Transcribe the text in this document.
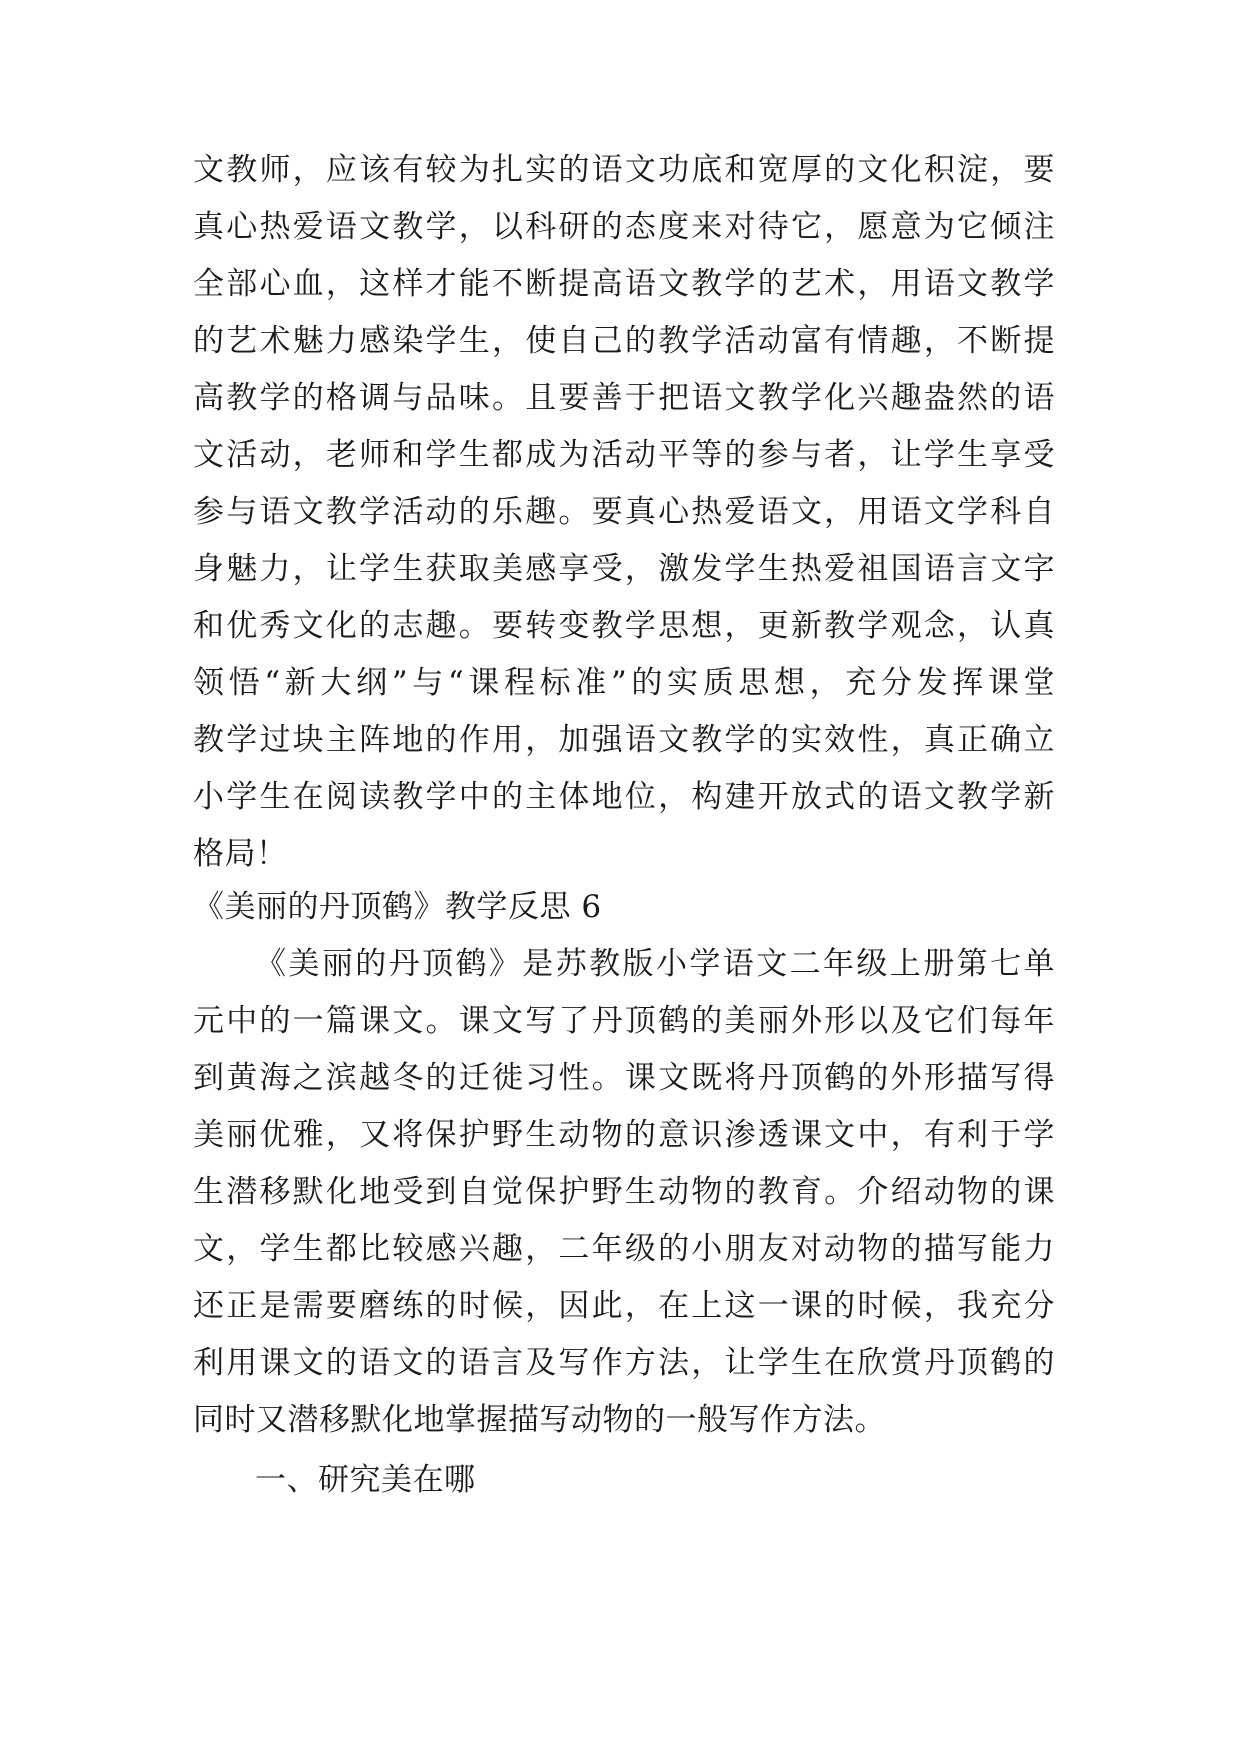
文教师，应该有较为扎实的语文功底和宽厚的文化积淀，要
真心热爱语文教学，以科研的态度来对待它，愿意为它倾注
全部心血，这样才能不断提高语文教学的艺术，用语文教学
的艺术魅力感染学生，使自己的教学活动富有情趣，不断提
高教学的格调与品味。且要善于把语文教学化兴趣盎然的语
文活动，老师和学生都成为活动平等的参与者，让学生享受
参与语文教学活动的乐趣。要真心热爱语文，用语文学科自
身魅力，让学生获取美感享受，激发学生热爱祖国语言文字
和优秀文化的志趣。要转变教学思想，更新教学观念，认真
领悟“新大纲”与“课程标准”的实质思想，充分发挥课堂
教学过块主阵地的作用，加强语文教学的实效性，真正确立
小学生在阅读教学中的主体地位，构建开放式的语文教学新
格局！
《美丽的丹顶鹤》教学反思 6
《美丽的丹顶鹤》是苏教版小学语文二年级上册第七单
元中的一篇课文。课文写了丹顶鹤的美丽外形以及它们每年
到黄海之滨越冬的迁徙习性。课文既将丹顶鹤的外形描写得
美丽优雅，又将保护野生动物的意识渗透课文中，有利于学
生潜移默化地受到自觉保护野生动物的教育。介绍动物的课
文，学生都比较感兴趣，二年级的小朋友对动物的描写能力
还正是需要磨练的时候，因此，在上这一课的时候，我充分
利用课文的语文的语言及写作方法，让学生在欣赏丹顶鹤的
同时又潜移默化地掌握描写动物的一般写作方法。
一、研究美在哪
